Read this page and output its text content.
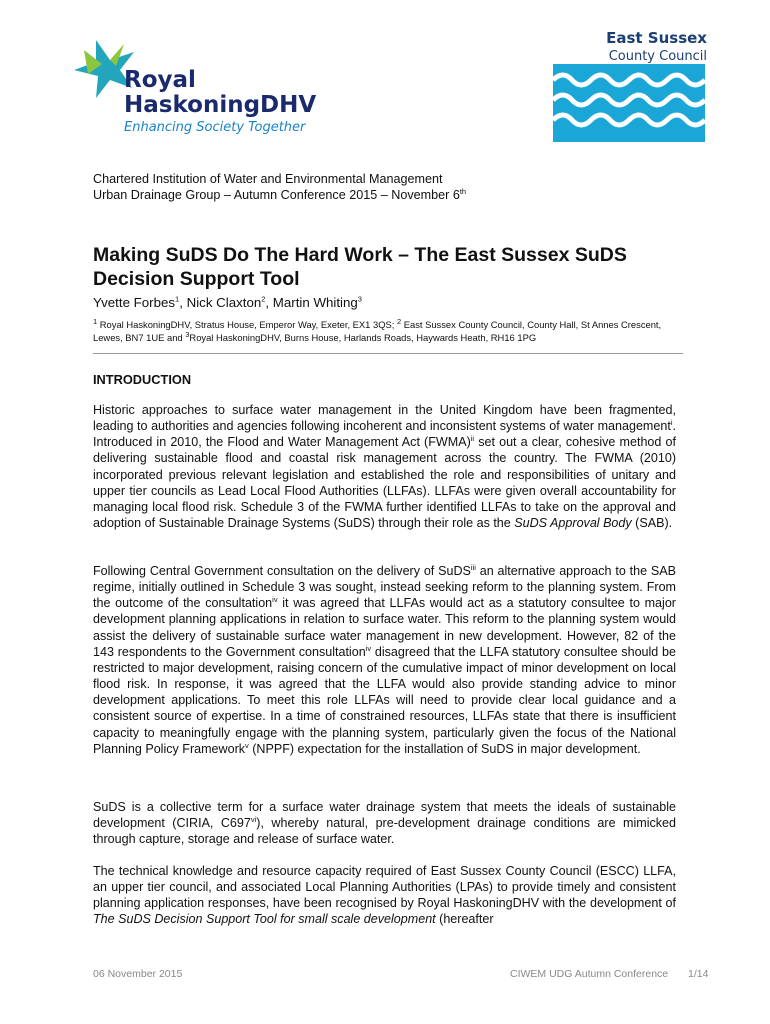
Royal
HaskoningDHV
Enhancing Society Together
East Sussex
County Council
Chartered Institution of Water and Environmental Management
Urban Drainage Group – Autumn Conference 2015 – November 6th
Making SuDS Do The Hard Work – The East Sussex SuDS
Decision Support Tool
Yvette Forbes$^1$, Nick Claxton$^2$, Martin Whiting$^3$
$^1$ Royal HaskoningDHV, Stratus House, Emperor Way, Exeter, EX1 3QS; $^2$ East Sussex County Council, County Hall, St Annes Crescent, Lewes, BN7 1UE and $^3$Royal HaskoningDHV, Burns House, Harlands Roads, Haywards Heath, RH16 1PG
INTRODUCTION
Historic approaches to surface water management in the United Kingdom have been fragmented, leading to authorities and agencies following incoherent and inconsistent systems of water management$^i$. Introduced in 2010, the Flood and Water Management Act (FWMA)$^{ii}$ set out a clear, cohesive method of delivering sustainable flood and coastal risk management across the country. The FWMA (2010) incorporated previous relevant legislation and established the role and responsibilities of unitary and upper tier councils as Lead Local Flood Authorities (LLFAs). LLFAs were given overall accountability for managing local flood risk. Schedule 3 of the FWMA further identified LLFAs to take on the approval and adoption of Sustainable Drainage Systems (SuDS) through their role as the SuDS Approval Body (SAB).
Following Central Government consultation on the delivery of SuDS$^{iii}$ an alternative approach to the SAB regime, initially outlined in Schedule 3 was sought, instead seeking reform to the planning system. From the outcome of the consultation$^{iv}$ it was agreed that LLFAs would act as a statutory consultee to major development planning applications in relation to surface water. This reform to the planning system would assist the delivery of sustainable surface water management in new development. However, 82 of the 143 respondents to the Government consultation$^{iv}$ disagreed that the LLFA statutory consultee should be restricted to major development, raising concern of the cumulative impact of minor development on local flood risk. In response, it was agreed that the LLFA would also provide standing advice to minor development applications. To meet this role LLFAs will need to provide clear local guidance and a consistent source of expertise. In a time of constrained resources, LLFAs state that there is insufficient capacity to meaningfully engage with the planning system, particularly given the focus of the National Planning Policy Framework$^v$ (NPPF) expectation for the installation of SuDS in major development.
SuDS is a collective term for a surface water drainage system that meets the ideals of sustainable development (CIRIA, C697$^{vi}$), whereby natural, pre-development drainage conditions are mimicked through capture, storage and release of surface water.
The technical knowledge and resource capacity required of East Sussex County Council (ESCC) LLFA, an upper tier council, and associated Local Planning Authorities (LPAs) to provide timely and consistent planning application responses, have been recognised by Royal HaskoningDHV with the development of The SuDS Decision Support Tool for small scale development (hereafter
06 November 2015	CIWEM UDG Autumn Conference 1/14
